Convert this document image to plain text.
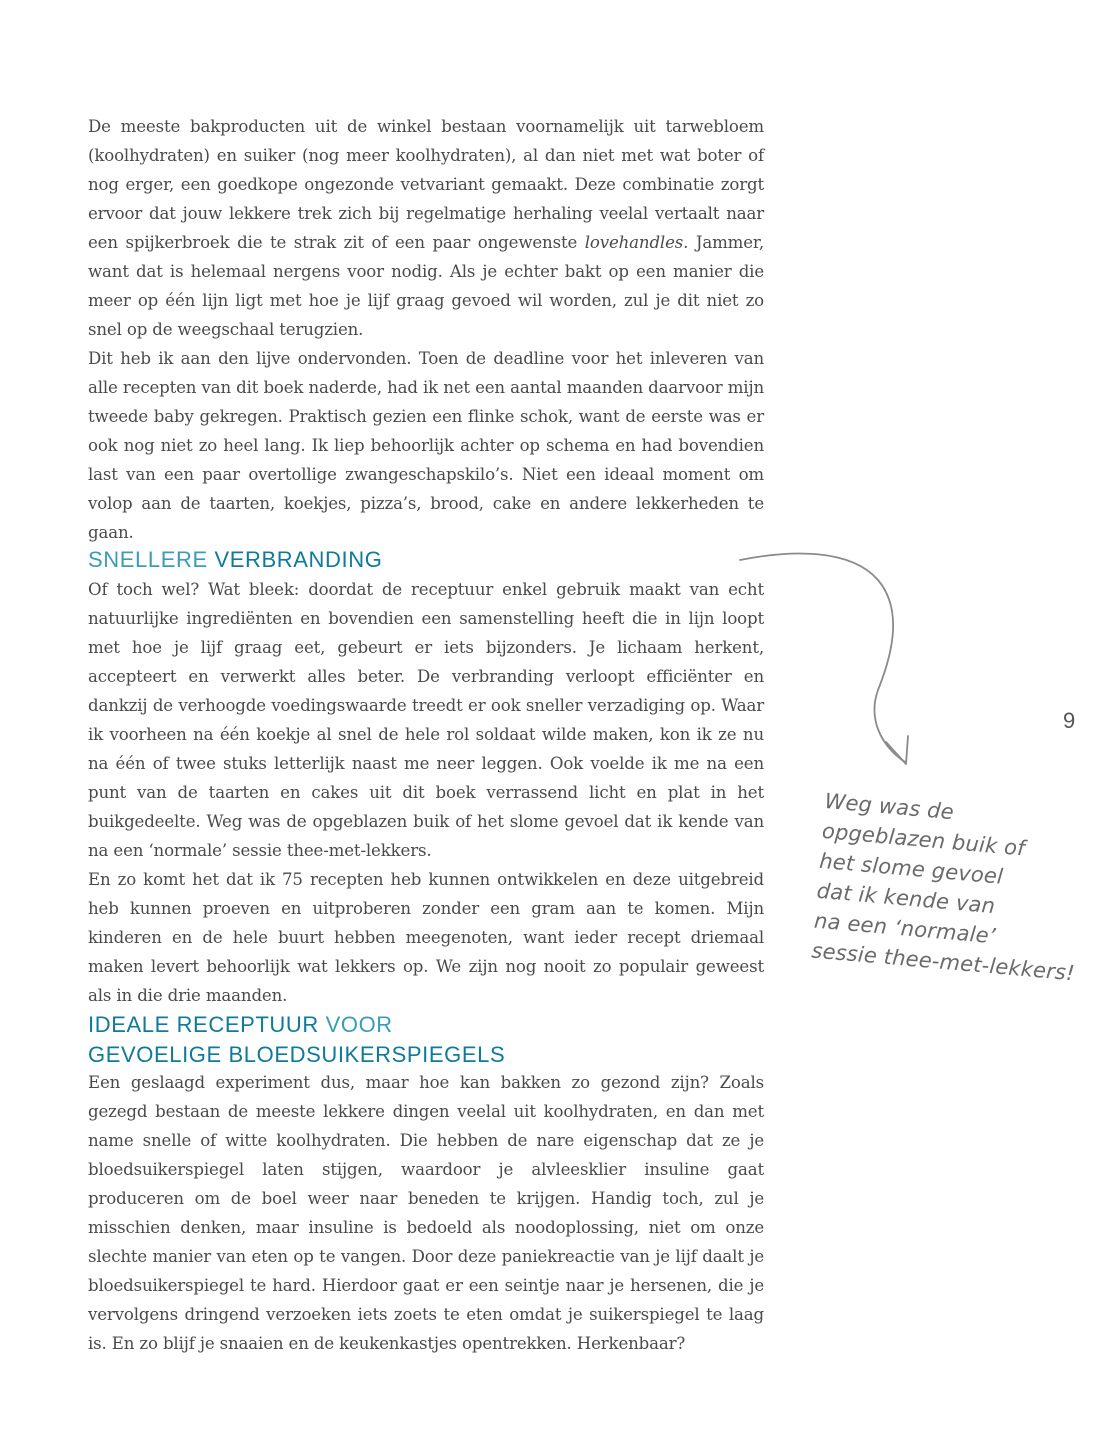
De meeste bakproducten uit de winkel bestaan voornamelijk uit tarwebloem (koolhydraten) en suiker (nog meer koolhydraten), al dan niet met wat boter of nog erger, een goedkope ongezonde vetvariant gemaakt. Deze combinatie zorgt ervoor dat jouw lekkere trek zich bij regelmatige herhaling veelal vertaalt naar een spijkerbroek die te strak zit of een paar ongewenste lovehandles. Jammer, want dat is helemaal nergens voor nodig. Als je echter bakt op een manier die meer op één lijn ligt met hoe je lijf graag gevoed wil worden, zul je dit niet zo snel op de weegschaal terugzien.

Dit heb ik aan den lijve ondervonden. Toen de deadline voor het inleveren van alle recepten van dit boek naderde, had ik net een aantal maanden daarvoor mijn tweede baby gekregen. Praktisch gezien een flinke schok, want de eerste was er ook nog niet zo heel lang. Ik liep behoorlijk achter op schema en had bovendien last van een paar overtollige zwangeschapskilo’s. Niet een ideaal moment om volop aan de taarten, koekjes, pizza’s, brood, cake en andere lekkerheden te gaan.

SNELLERE VERBRANDING

Of toch wel? Wat bleek: doordat de receptuur enkel gebruik maakt van echt natuurlijke ingrediënten en bovendien een samenstelling heeft die in lijn loopt met hoe je lijf graag eet, gebeurt er iets bijzonders. Je lichaam herkent, accepteert en verwerkt alles beter. De verbranding verloopt efficiënter en dankzij de verhoogde voedingswaarde treedt er ook sneller verzadiging op. Waar ik voorheen na één koekje al snel de hele rol soldaat wilde maken, kon ik ze nu na één of twee stuks letterlijk naast me neer leggen. Ook voelde ik me na een punt van de taarten en cakes uit dit boek verrassend licht en plat in het buikgedeelte. Weg was de opgeblazen buik of het slome gevoel dat ik kende van na een ‘normale’ sessie thee-met-lekkers.

En zo komt het dat ik 75 recepten heb kunnen ontwikkelen en deze uitgebreid heb kunnen proeven en uitproberen zonder een gram aan te komen. Mijn kinderen en de hele buurt hebben meegenoten, want ieder recept driemaal maken levert behoorlijk wat lekkers op. We zijn nog nooit zo populair geweest als in die drie maanden.

IDEALE RECEPTUUR VOOR
GEVOELIGE BLOEDSUIKERSPIEGELS

Een geslaagd experiment dus, maar hoe kan bakken zo gezond zijn? Zoals gezegd bestaan de meeste lekkere dingen veelal uit koolhydraten, en dan met name snelle of witte koolhydraten. Die hebben de nare eigenschap dat ze je bloedsuikerspiegel laten stijgen, waardoor je alvleesklier insuline gaat produceren om de boel weer naar beneden te krijgen. Handig toch, zul je misschien denken, maar insuline is bedoeld als noodoplossing, niet om onze slechte manier van eten op te vangen. Door deze paniekreactie van je lijf daalt je bloedsuikerspiegel te hard. Hierdoor gaat er een seintje naar je hersenen, die je vervolgens dringend verzoeken iets zoets te eten omdat je suikerspiegel te laag is. En zo blijf je snaaien en de keukenkastjes opentrekken. Herkenbaar?

9
Weg was de
opgeblazen buik of
het slome gevoel
dat ik kende van
na een ‘normale’
sessie thee-met-lekkers!
